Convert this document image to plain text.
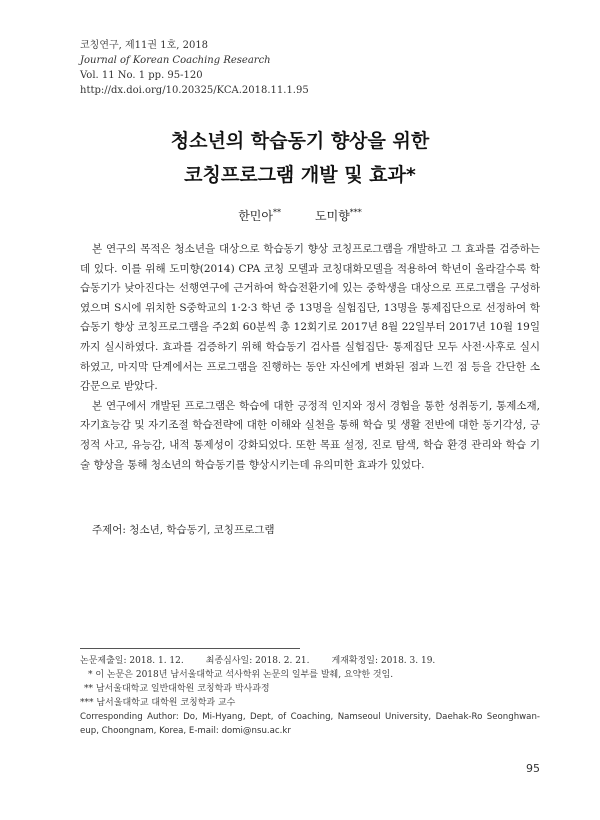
코칭연구, 제11권 1호, 2018
Journal of Korean Coaching Research
Vol. 11 No. 1 pp. 95-120
http://dx.doi.org/10.20325/KCA.2018.11.1.95
청소년의 학습동기 향상을 위한
코칭프로그램 개발 및 효과*
한민아**	도미향***

본 연구의 목적은 청소년을 대상으로 학습동기 향상 코칭프로그램을 개발하고 그 효과를 검증하는데 있다. 이를 위해 도미향(2014) CPA 코칭 모델과 코칭대화모델을 적용하여 학년이 올라갈수록 학습동기가 낮아진다는 선행연구에 근거하여 학습전환기에 있는 중학생을 대상으로 프로그램을 구성하였으며 S시에 위치한 S중학교의 1·2·3 학년 중 13명을 실험집단, 13명을 통제집단으로 선정하여 학습동기 향상 코칭프로그램을 주2회 60분씩 총 12회기로 2017년 8월 22일부터 2017년 10월 19일까지 실시하였다. 효과를 검증하기 위해 학습동기 검사를 실험집단· 통제집단 모두 사전·사후로 실시하였고, 마지막 단계에서는 프로그램을 진행하는 동안 자신에게 변화된 점과 느낀 점 등을 간단한 소감문으로 받았다.

본 연구에서 개발된 프로그램은 학습에 대한 긍정적 인지와 정서 경험을 통한 성취동기, 통제소재, 자기효능감 및 자기조절 학습전략에 대한 이해와 실천을 통해 학습 및 생활 전반에 대한 동기각성, 긍정적 사고, 유능감, 내적 통제성이 강화되었다. 또한 목표 설정, 진로 탐색, 학습 환경 관리와 학습 기술 향상을 통해 청소년의 학습동기를 향상시키는데 유의미한 효과가 있었다.

주제어: 청소년, 학습동기, 코칭프로그램
논문제출일: 2018. 1. 12. 최종심사일: 2018. 2. 21. 게재확정일: 2018. 3. 19.
* 이 논문은 2018년 남서울대학교 석사학위 논문의 일부를 발췌, 요약한 것임.
** 남서울대학교 일반대학원 코칭학과 박사과정
*** 남서울대학교 대학원 코칭학과 교수
Corresponding Author: Do, Mi-Hyang, Dept, of Coaching, Namseoul University, Daehak-Ro Seonghwan-eup, Choongnam, Korea, E-mail: domi@nsu.ac.kr
95
